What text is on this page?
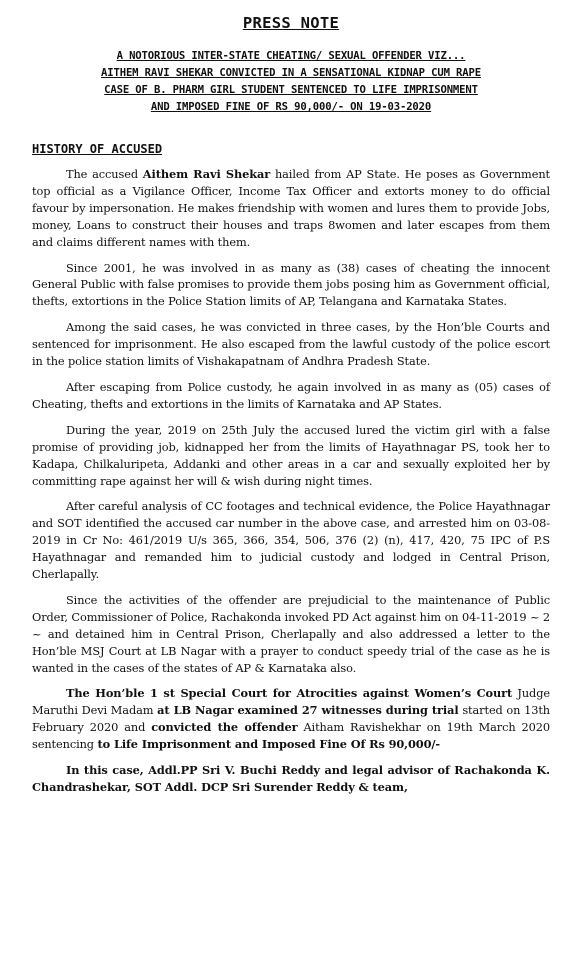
PRESS NOTE
A NOTORIOUS INTER-STATE CHEATING/ SEXUAL OFFENDER VIZ...
AITHEM RAVI SHEKAR CONVICTED IN A SENSATIONAL KIDNAP CUM RAPE
CASE OF B. PHARM GIRL STUDENT SENTENCED TO LIFE IMPRISONMENT
AND IMPOSED FINE OF RS 90,000/- ON 19-03-2020
HISTORY OF ACCUSED

The accused Aithem Ravi Shekar hailed from AP State. He poses as Government top official as a Vigilance Officer, Income Tax Officer and extorts money to do official favour by impersonation. He makes friendship with women and lures them to provide Jobs, money, Loans to construct their houses and traps 8women and later escapes from them and claims different names with them.

Since 2001, he was involved in as many as (38) cases of cheating the innocent General Public with false promises to provide them jobs posing him as Government official, thefts, extortions in the Police Station limits of AP, Telangana and Karnataka States.

Among the said cases, he was convicted in three cases, by the Hon’ble Courts and sentenced for imprisonment. He also escaped from the lawful custody of the police escort in the police station limits of Vishakapatnam of Andhra Pradesh State.

After escaping from Police custody, he again involved in as many as (05) cases of Cheating, thefts and extortions in the limits of Karnataka and AP States.

During the year, 2019 on 25th July the accused lured the victim girl with a false promise of providing job, kidnapped her from the limits of Hayathnagar PS, took her to Kadapa, Chilkaluripeta, Addanki and other areas in a car and sexually exploited her by committing rape against her will & wish during night times.

After careful analysis of CC footages and technical evidence, the Police Hayathnagar and SOT identified the accused car number in the above case, and arrested him on 03-08-2019 in Cr No: 461/2019 U/s 365, 366, 354, 506, 376 (2) (n), 417, 420, 75 IPC of P.S Hayathnagar and remanded him to judicial custody and lodged in Central Prison, Cherlapally.

Since the activities of the offender are prejudicial to the maintenance of Public Order, Commissioner of Police, Rachakonda invoked PD Act against him on 04-11-2019 ~ 2 ~ and detained him in Central Prison, Cherlapally and also addressed a letter to the Hon’ble MSJ Court at LB Nagar with a prayer to conduct speedy trial of the case as he is wanted in the cases of the states of AP & Karnataka also.

The Hon’ble 1 st Special Court for Atrocities against Women’s Court Judge Maruthi Devi Madam at LB Nagar examined 27 witnesses during trial started on 13th February 2020 and convicted the offender Aitham Ravishekhar on 19th March 2020 sentencing to Life Imprisonment and Imposed Fine Of Rs 90,000/-

In this case, Addl.PP Sri V. Buchi Reddy and legal advisor of Rachakonda K. Chandrashekar, SOT Addl. DCP Sri Surender Reddy & team,
